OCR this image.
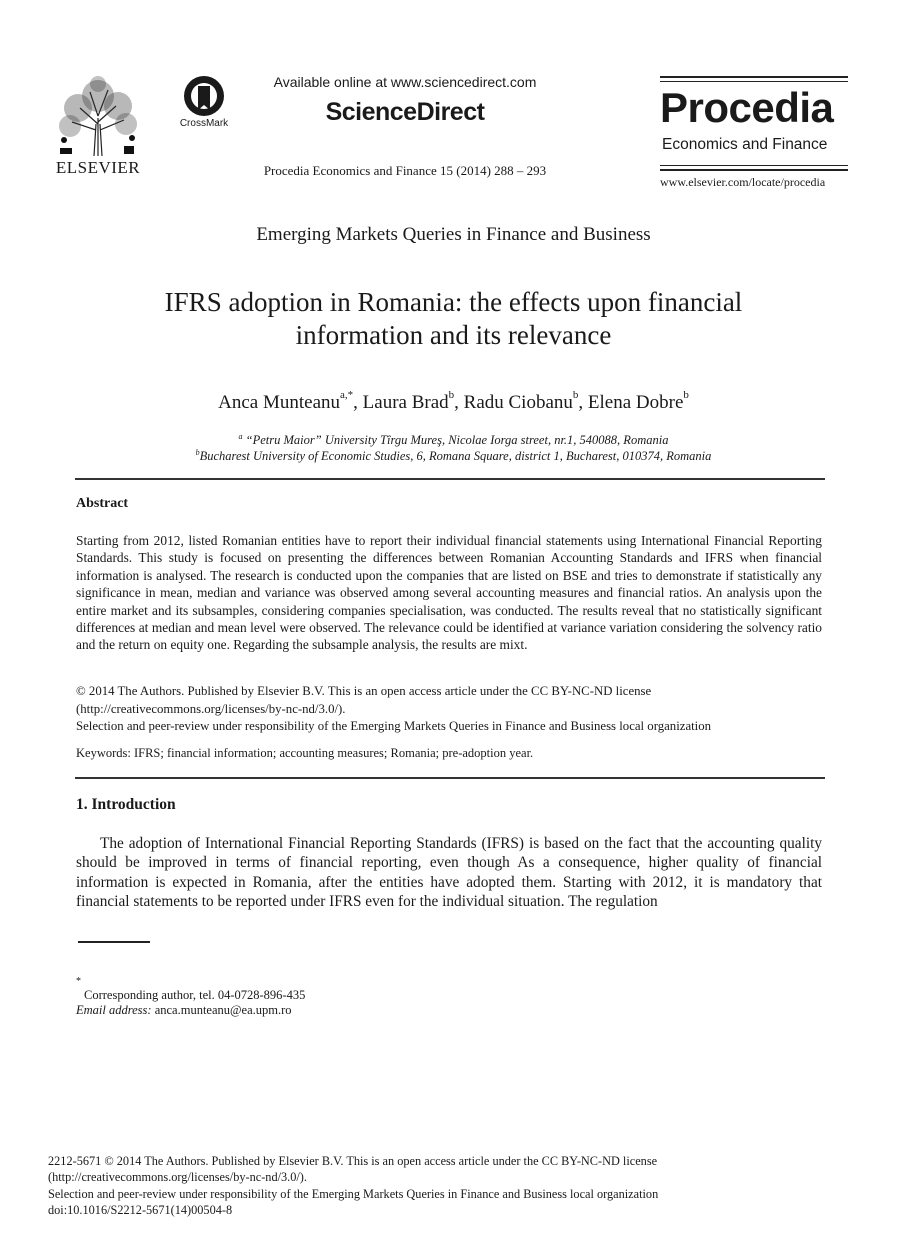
ELSEVIER
CrossMark
Available online at www.sciencedirect.com
ScienceDirect
Procedia Economics and Finance 15 (2014) 288 – 293
Procedia
Economics and Finance
www.elsevier.com/locate/procedia
Emerging Markets Queries in Finance and Business
IFRS adoption in Romania: the effects upon financial
information and its relevance
Anca Munteanu$^{a,*}$, Laura Brad$^b$, Radu Ciobanu$^b$, Elena Dobre$^b$
$^a$ “Petru Maior” University Tîrgu Mureş, Nicolae Iorga street, nr.1, 540088, Romania
$^b$Bucharest University of Economic Studies, 6, Romana Square, district 1, Bucharest, 010374, Romania
Abstract
Starting from 2012, listed Romanian entities have to report their individual financial statements using International Financial Reporting Standards. This study is focused on presenting the differences between Romanian Accounting Standards and IFRS when financial information is analysed. The research is conducted upon the companies that are listed on BSE and tries to demonstrate if statistically any significance in mean, median and variance was observed among several accounting measures and financial ratios. An analysis upon the entire market and its subsamples, considering companies specialisation, was conducted. The results reveal that no statistically significant differences at median and mean level were observed. The relevance could be identified at variance variation considering the solvency ratio and the return on equity one. Regarding the subsample analysis, the results are mixt.
© 2014 The Authors. Published by Elsevier B.V. This is an open access article under the CC BY-NC-ND license
(http://creativecommons.org/licenses/by-nc-nd/3.0/).
Selection and peer-review under responsibility of the Emerging Markets Queries in Finance and Business local organization
Keywords: IFRS; financial information; accounting measures; Romania; pre-adoption year.
1. Introduction
The adoption of International Financial Reporting Standards (IFRS) is based on the fact that the accounting quality should be improved in terms of financial reporting, even though As a consequence, higher quality of financial information is expected in Romania, after the entities have adopted them. Starting with 2012, it is mandatory that financial statements to be reported under IFRS even for the individual situation. The regulation
*
Corresponding author, tel. 04-0728-896-435
Email address: anca.munteanu@ea.upm.ro
2212-5671 © 2014 The Authors. Published by Elsevier B.V. This is an open access article under the CC BY-NC-ND license
(http://creativecommons.org/licenses/by-nc-nd/3.0/).
Selection and peer-review under responsibility of the Emerging Markets Queries in Finance and Business local organization
doi:10.1016/S2212-5671(14)00504-8
